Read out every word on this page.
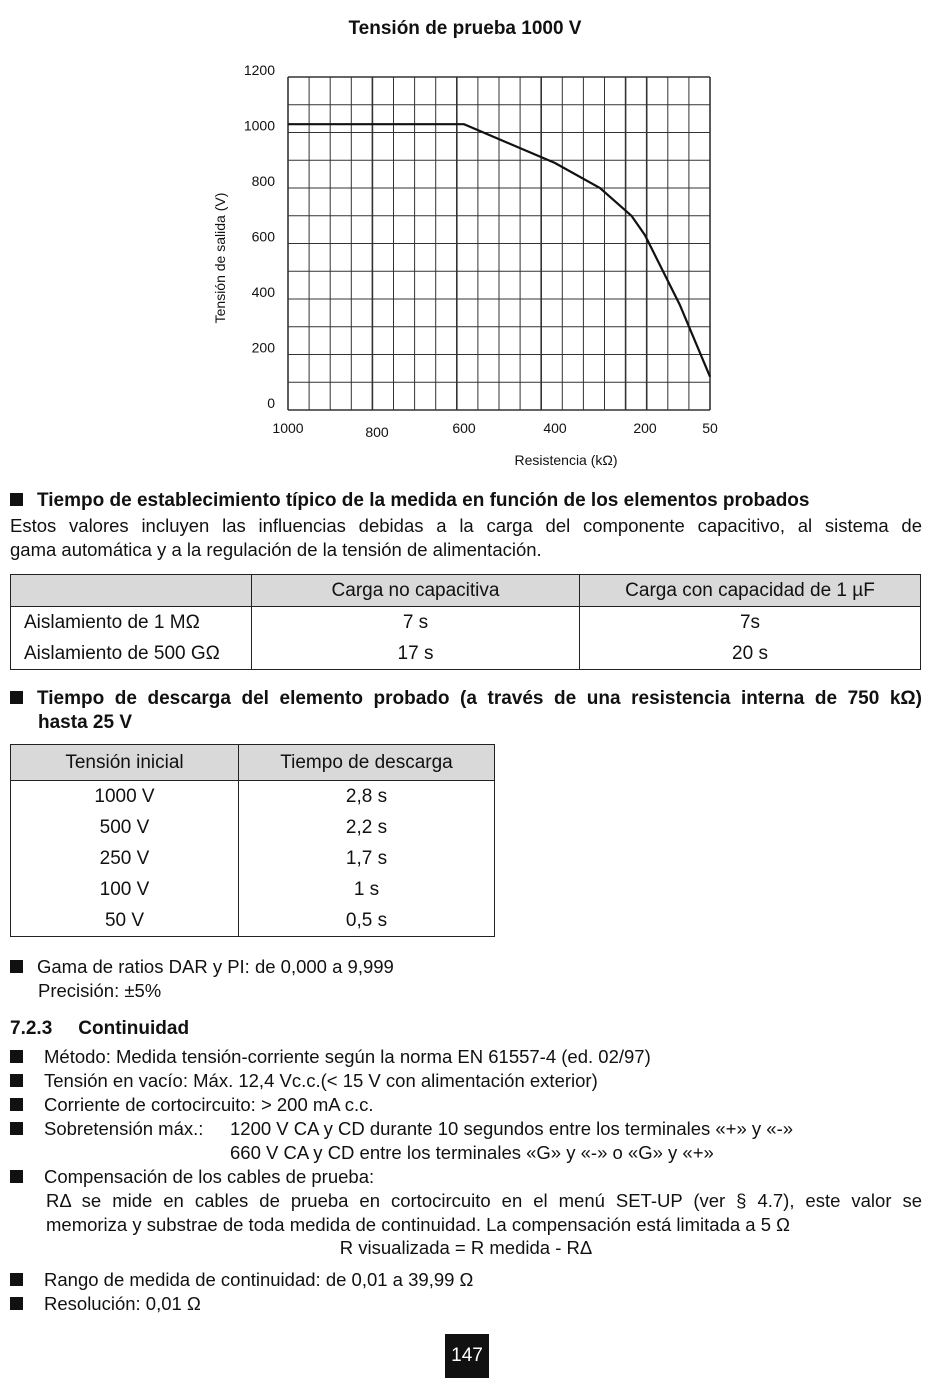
Tensión de prueba 1000 V
0
200
400
600
800
1000
1200
1000	800	600	400	200	50
Tensión de salida (V)
Resistencia (kΩ)
Tiempo de establecimiento típico de la medida en función de los elementos probados
Estos valores incluyen las influencias debidas a la carga del componente capacitivo, al sistema de
gama automática y a la regulación de la tensión de alimentación.
	Carga no capacitiva	Carga con capacidad de 1 µF
Aislamiento de 1 MΩ	7 s	7s
Aislamiento de 500 GΩ	17 s	20 s
Tiempo de descarga del elemento probado (a través de una resistencia interna de 750 kΩ)
hasta 25 V
Tensión inicial	Tiempo de descarga
1000 V	2,8 s
500 V	2,2 s
250 V	1,7 s
100 V	1 s
50 V	0,5 s
Gama de ratios DAR y PI: de 0,000 a 9,999
Precisión: ±5%
7.2.3 Continuidad
Método: Medida tensión-corriente según la norma EN 61557-4 (ed. 02/97)
Tensión en vacío: Máx. 12,4 Vc.c.(< 15 V con alimentación exterior)
Corriente de cortocircuito: > 200 mA c.c.
Sobretensión máx.: 1200 V CA y CD durante 10 segundos entre los terminales «+» y «-»
660 V CA y CD entre los terminales «G» y «-» o «G» y «+»
Compensación de los cables de prueba:
RΔ se mide en cables de prueba en cortocircuito en el menú SET-UP (ver § 4.7), este valor se
memoriza y substrae de toda medida de continuidad. La compensación está limitada a 5 Ω
R visualizada = R medida - RΔ
Rango de medida de continuidad: de 0,01 a 39,99 Ω
Resolución: 0,01 Ω
147
